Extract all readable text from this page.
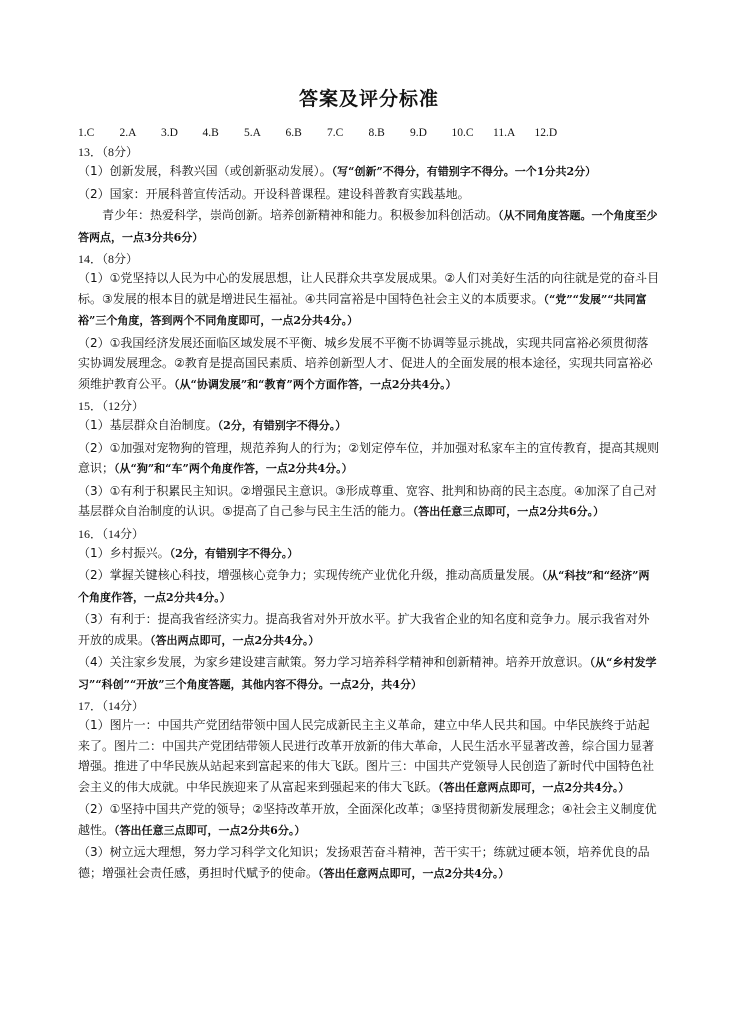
答案及评分标准
1.C	2.A	3.D	4.B	5.A	6.B	7.C	8.B	9.D	10.C	11.A	12.D
13．（8分）

（1）创新发展，科教兴国（或创新驱动发展）。（写“创新”不得分，有错别字不得分。一个1分共2分）

（2）国家：开展科普宣传活动。开设科普课程。建设科普教育实践基地。

青少年：热爱科学，崇尚创新。培养创新精神和能力。积极参加科创活动。（从不同角度答题。一个角度至少答两点，一点3分共6分）

14．（8分）

（1）①党坚持以人民为中心的发展思想，让人民群众共享发展成果。②人们对美好生活的向往就是党的奋斗目标。③发展的根本目的就是增进民生福祉。④共同富裕是中国特色社会主义的本质要求。（“党”“发展”“共同富裕”三个角度，答到两个不同角度即可，一点2分共4分。）

（2）①我国经济发展还面临区域发展不平衡、城乡发展不平衡不协调等显示挑战，实现共同富裕必须贯彻落实协调发展理念。②教育是提高国民素质、培养创新型人才、促进人的全面发展的根本途径，实现共同富裕必须维护教育公平。（从“协调发展”和“教育”两个方面作答，一点2分共4分。）

15．（12分）

（1）基层群众自治制度。（2分，有错别字不得分。）

（2）①加强对宠物狗的管理，规范养狗人的行为；②划定停车位，并加强对私家车主的宣传教育，提高其规则意识；（从“狗”和“车”两个角度作答，一点2分共4分。）

（3）①有利于积累民主知识。②增强民主意识。③形成尊重、宽容、批判和协商的民主态度。④加深了自己对基层群众自治制度的认识。⑤提高了自己参与民主生活的能力。（答出任意三点即可，一点2分共6分。）

16．（14分）

（1）乡村振兴。（2分，有错别字不得分。）

（2）掌握关键核心科技，增强核心竞争力；实现传统产业优化升级，推动高质量发展。（从“科技”和“经济”两个角度作答，一点2分共4分。）

（3）有利于：提高我省经济实力。提高我省对外开放水平。扩大我省企业的知名度和竞争力。展示我省对外开放的成果。（答出两点即可，一点2分共4分。）

（4）关注家乡发展，为家乡建设建言献策。努力学习培养科学精神和创新精神。培养开放意识。（从“乡村发学习”“科创”“开放”三个角度答题，其他内容不得分。一点2分，共4分）

17．（14分）

（1）图片一：中国共产党团结带领中国人民完成新民主主义革命，建立中华人民共和国。中华民族终于站起来了。图片二：中国共产党团结带领人民进行改革开放新的伟大革命，人民生活水平显著改善，综合国力显著增强。推进了中华民族从站起来到富起来的伟大飞跃。图片三：中国共产党领导人民创造了新时代中国特色社会主义的伟大成就。中华民族迎来了从富起来到强起来的伟大飞跃。（答出任意两点即可，一点2分共4分。）

（2）①坚持中国共产党的领导；②坚持改革开放，全面深化改革；③坚持贯彻新发展理念；④社会主义制度优越性。（答出任意三点即可，一点2分共6分。）

（3）树立远大理想，努力学习科学文化知识；发扬艰苦奋斗精神，苦干实干；练就过硬本领，培养优良的品德；增强社会责任感，勇担时代赋予的使命。（答出任意两点即可，一点2分共4分。）
